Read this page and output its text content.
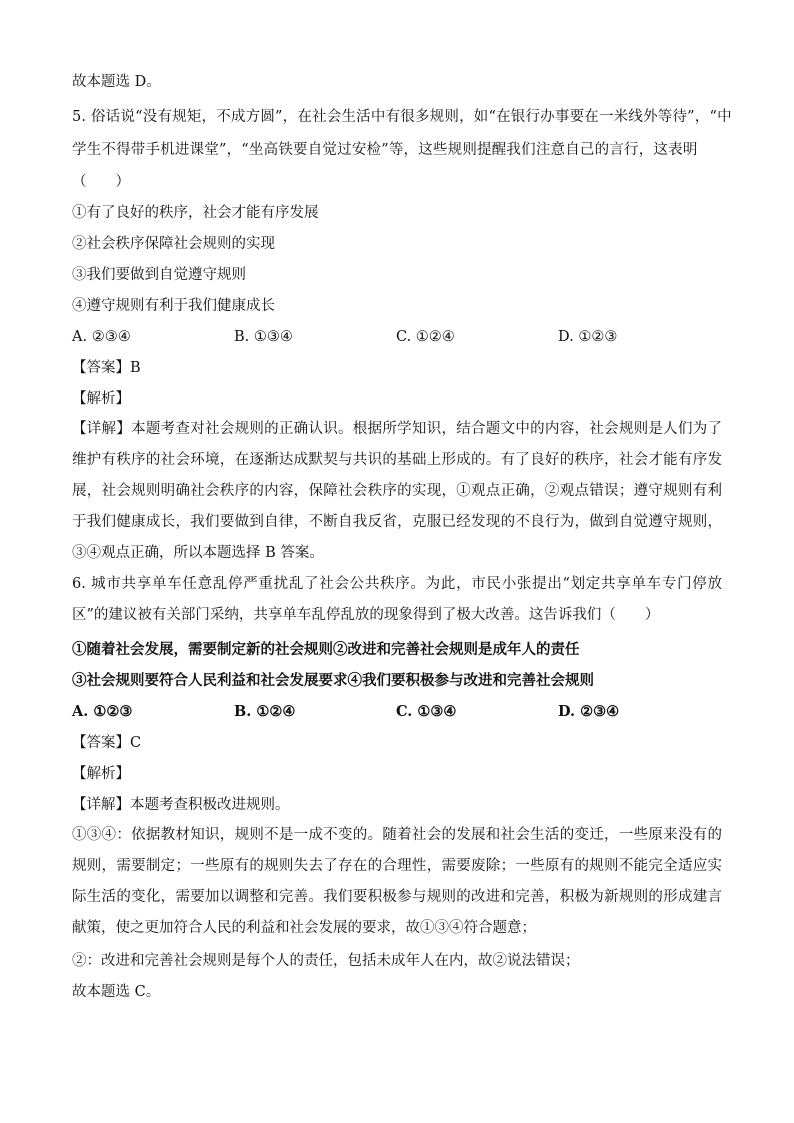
故本题选 D。
5. 俗话说“没有规矩，不成方圆”，在社会生活中有很多规则，如“在银行办事要在一米线外等待”，“中
学生不得带手机进课堂”，“坐高铁要自觉过安检”等，这些规则提醒我们注意自己的言行，这表明
（　　）
①有了良好的秩序，社会才能有序发展
②社会秩序保障社会规则的实现
③我们要做到自觉遵守规则
④遵守规则有利于我们健康成长
A. ②③④	B. ①③④	C. ①②④	D. ①②③
【答案】B
【解析】
【详解】本题考查对社会规则的正确认识。根据所学知识，结合题文中的内容，社会规则是人们为了维护有秩序的社会环境，在逐渐达成默契与共识的基础上形成的。有了良好的秩序，社会才能有序发展，社会规则明确社会秩序的内容，保障社会秩序的实现，①观点正确，②观点错误；遵守规则有利于我们健康成长，我们要做到自律，不断自我反省，克服已经发现的不良行为，做到自觉遵守规则，③④观点正确，所以本题选择 B 答案。
6. 城市共享单车任意乱停严重扰乱了社会公共秩序。为此，市民小张提出“划定共享单车专门停放区”的建议被有关部门采纳，共享单车乱停乱放的现象得到了极大改善。这告诉我们（　　）
①随着社会发展，需要制定新的社会规则②改进和完善社会规则是成年人的责任
③社会规则要符合人民利益和社会发展要求④我们要积极参与改进和完善社会规则
A. ①②③	B. ①②④	C. ①③④	D. ②③④
【答案】C
【解析】
【详解】本题考查积极改进规则。
①③④：依据教材知识，规则不是一成不变的。随着社会的发展和社会生活的变迁，一些原来没有的规则，需要制定；一些原有的规则失去了存在的合理性，需要废除；一些原有的规则不能完全适应实际生活的变化，需要加以调整和完善。我们要积极参与规则的改进和完善，积极为新规则的形成建言献策，使之更加符合人民的利益和社会发展的要求，故①③④符合题意；
②：改进和完善社会规则是每个人的责任，包括未成年人在内，故②说法错误；
故本题选 C。
